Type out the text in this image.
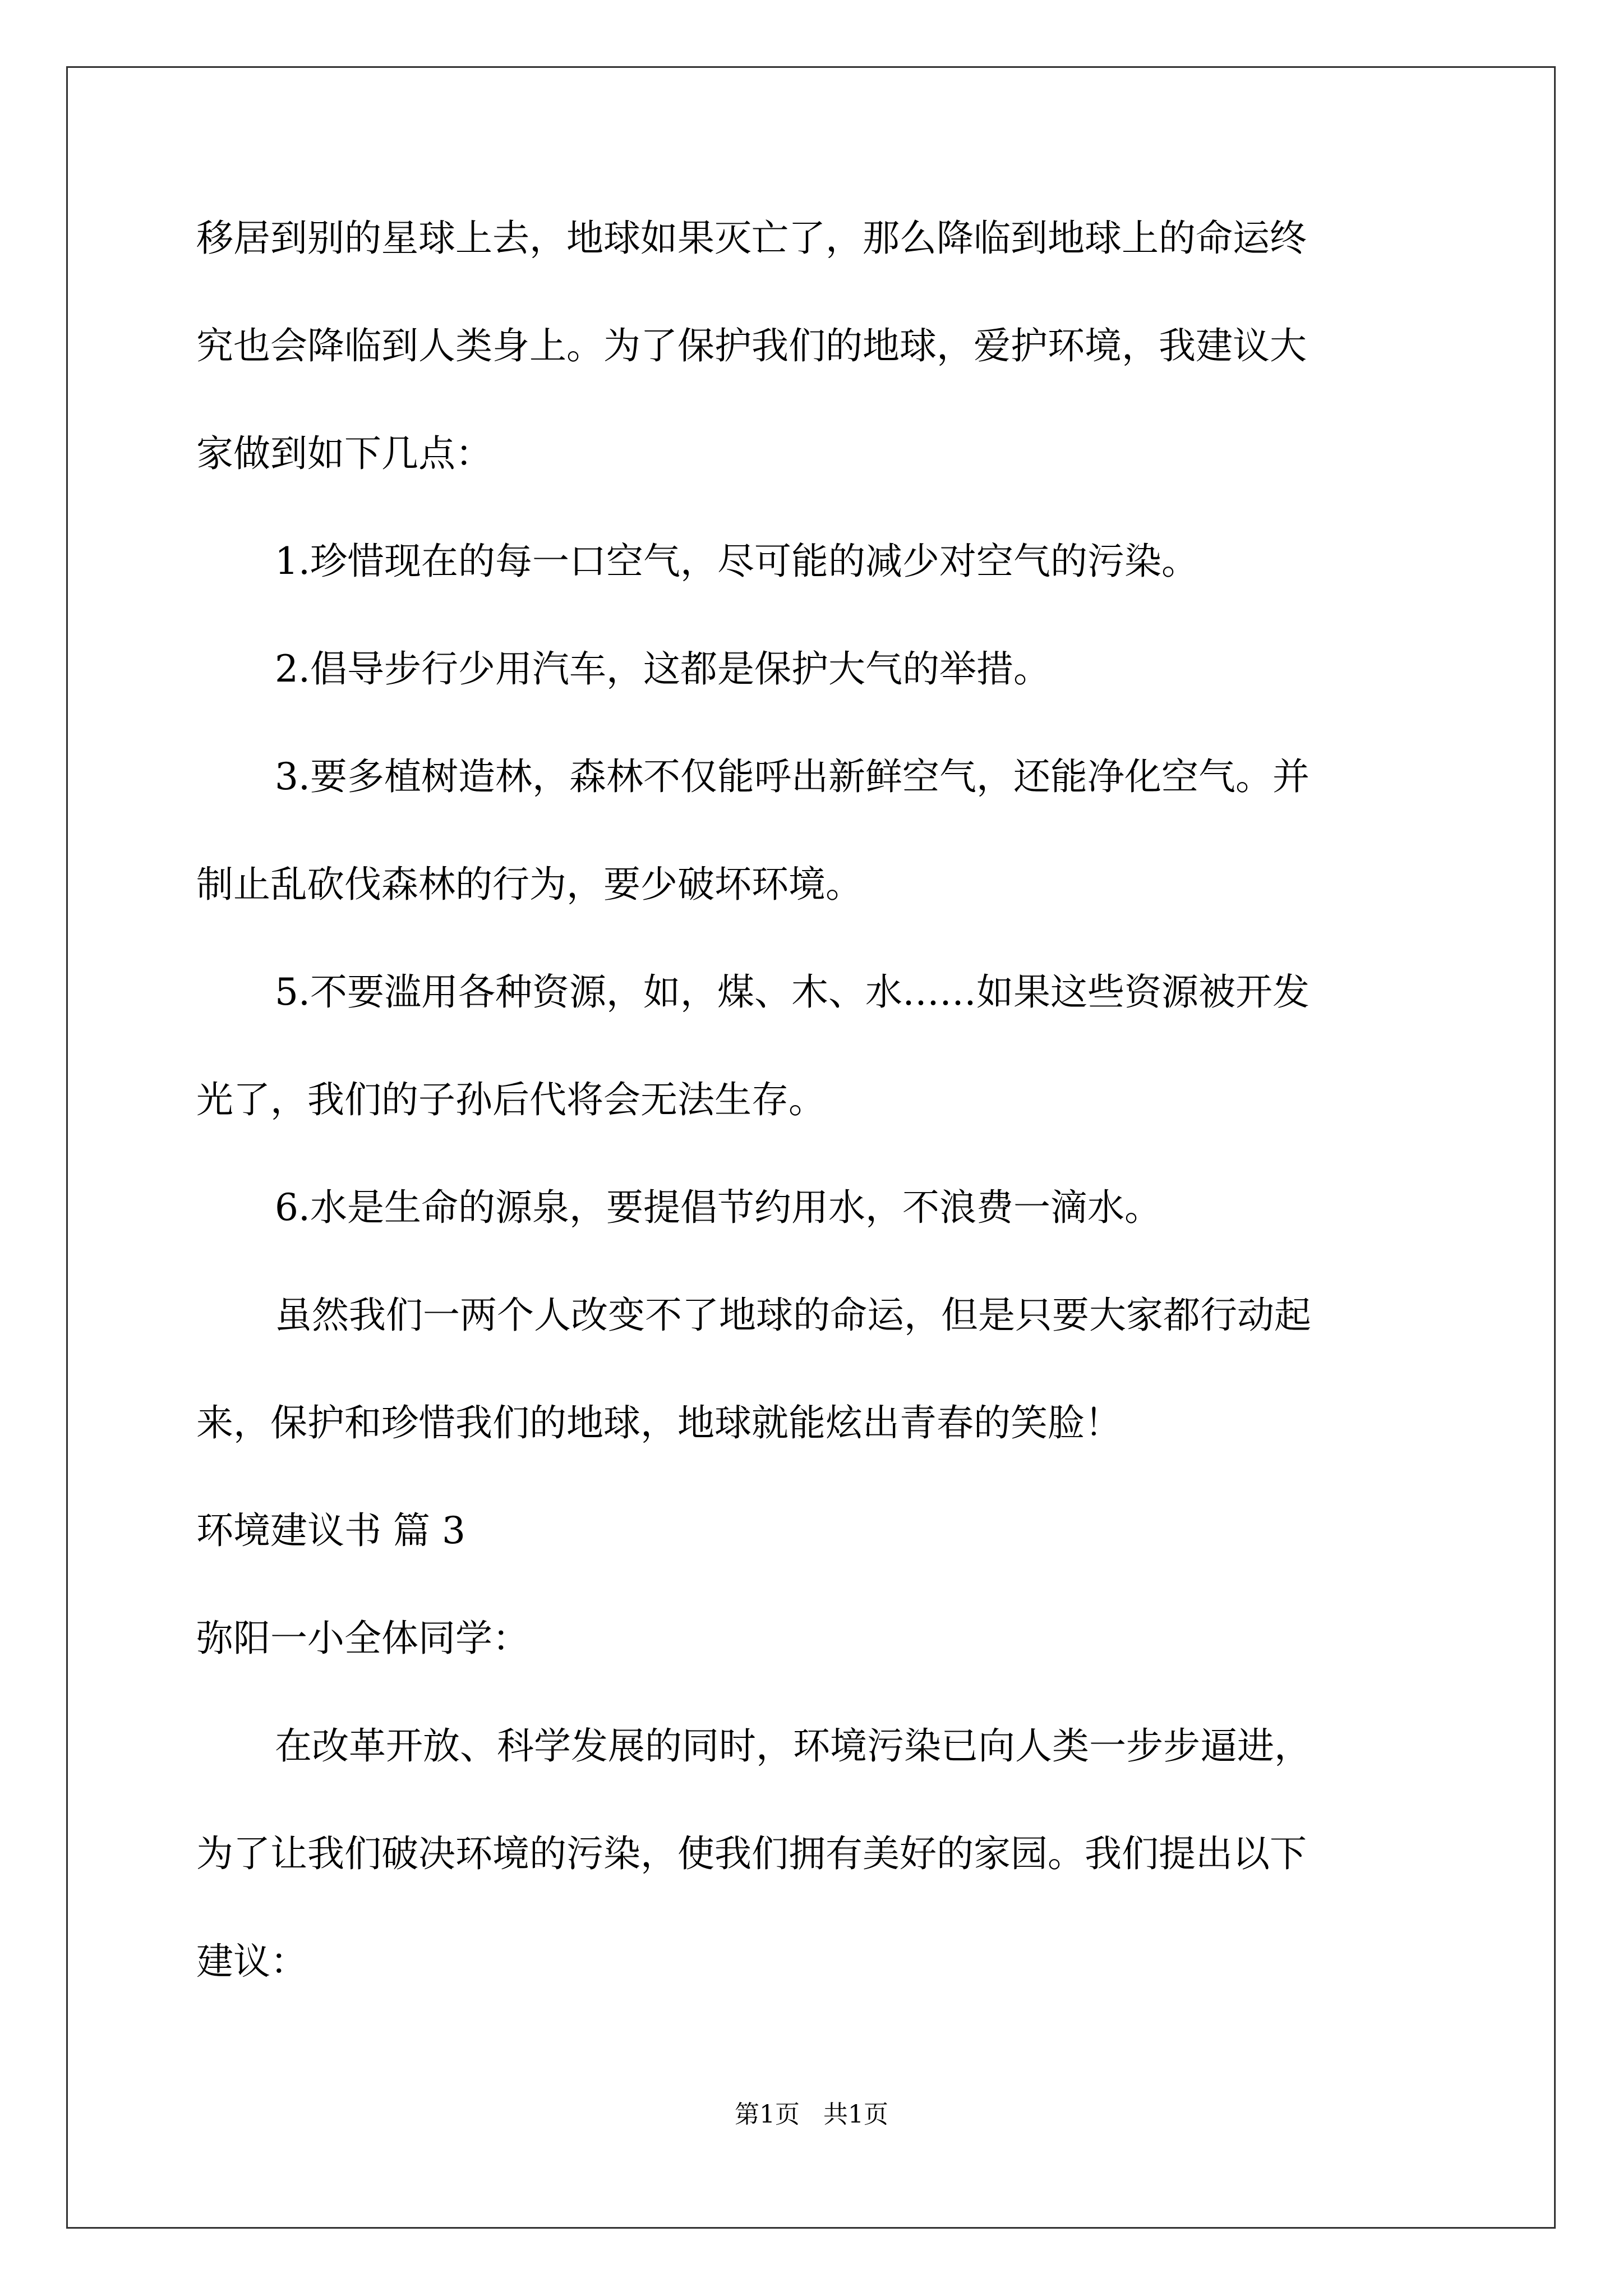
移居到别的星球上去，地球如果灭亡了，那么降临到地球上的命运终
究也会降临到人类身上。为了保护我们的地球，爱护环境，我建议大
家做到如下几点：
1.珍惜现在的每一口空气，尽可能的减少对空气的污染。
2.倡导步行少用汽车，这都是保护大气的举措。
3.要多植树造林，森林不仅能呼出新鲜空气，还能净化空气。并
制止乱砍伐森林的行为，要少破坏环境。
5.不要滥用各种资源，如，煤、木、水……如果这些资源被开发
光了，我们的子孙后代将会无法生存。
6.水是生命的源泉，要提倡节约用水，不浪费一滴水。
虽然我们一两个人改变不了地球的命运，但是只要大家都行动起
来，保护和珍惜我们的地球，地球就能炫出青春的笑脸！
环境建议书 篇 3
弥阳一小全体同学：
在改革开放、科学发展的同时，环境污染已向人类一步步逼进，
为了让我们破决环境的污染，使我们拥有美好的家园。我们提出以下
建议：
第1页   共1页
